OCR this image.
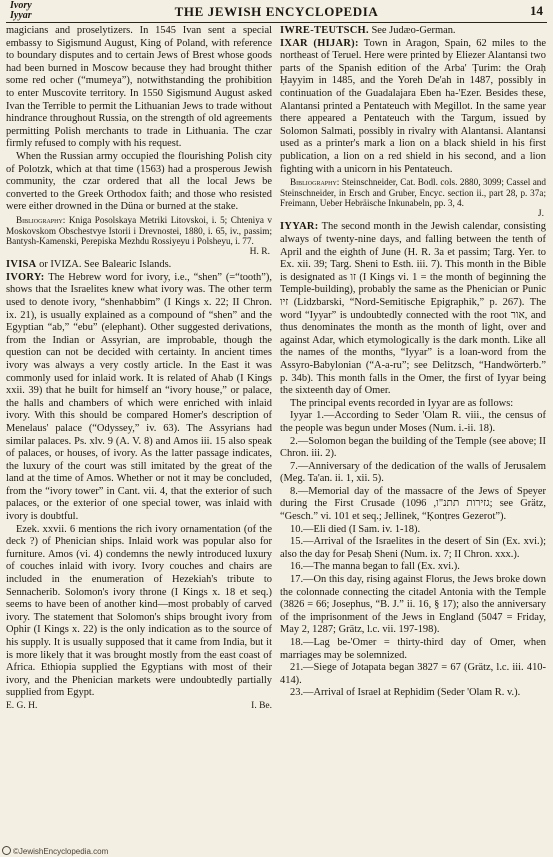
Ivory
Iyyar	THE JEWISH ENCYCLOPEDIA	14

magicians and proselytizers. In 1545 Ivan sent a special embassy to Sigismund August, King of Poland, with reference to boundary disputes and to certain Jews of Brest whose goods had been burned in Moscow because they had brought thither some red ocher (“mumeya”), notwithstanding the prohibition to enter Muscovite territory. In 1550 Sigismund August asked Ivan the Terrible to permit the Lithuanian Jews to trade without hindrance throughout Russia, on the strength of old agreements permitting Polish merchants to trade in Lithuania. The czar firmly refused to comply with his request.

When the Russian army occupied the flourishing Polish city of Polotzk, which at that time (1563) had a prosperous Jewish community, the czar ordered that all the local Jews be converted to the Greek Orthodox faith; and those who resisted were either drowned in the Düna or burned at the stake.

Bibliography: Kniga Posolskaya Metriki Litovskoi, i. 5; Chteniya v Moskovskom Obschestvye Istorii i Drevnostei, 1880, i. 65, iv., passim; Bantysh-Kamenski, Perepiska Mezhdu Rossiyeyu i Polsheyu, i. 77.

H. R.

IVISA or IVIZA. See Balearic Islands.

IVORY: The Hebrew word for ivory, i.e., “shen” (=“tooth”), shows that the Israelites knew what ivory was. The other term used to denote ivory, “shenhabbim” (I Kings x. 22; II Chron. ix. 21), is usually explained as a compound of “shen” and the Egyptian “ab,” “ebu” (elephant). Other suggested derivations, from the Indian or Assyrian, are improbable, though the question can not be decided with certainty. In ancient times ivory was always a very costly article. In the East it was commonly used for inlaid work. It is related of Ahab (I Kings xxii. 39) that he built for himself an “ivory house,” or palace, the halls and chambers of which were enriched with inlaid ivory. With this should be compared Homer's description of Menelaus' palace (“Odyssey,” iv. 63). The Assyrians had similar palaces. Ps. xlv. 9 (A. V. 8) and Amos iii. 15 also speak of palaces, or houses, of ivory. As the latter passage indicates, the luxury of the court was still imitated by the great of the land at the time of Amos. Whether or not it may be concluded, from the “ivory tower” in Cant. vii. 4, that the exterior of such palaces, or the exterior of one special tower, was inlaid with ivory is doubtful.

Ezek. xxvii. 6 mentions the rich ivory ornamentation (of the deck ?) of Phenician ships. Inlaid work was popular also for furniture. Amos (vi. 4) condemns the newly introduced luxury of couches inlaid with ivory. Ivory couches and chairs are included in the enumeration of Hezekiah's tribute to Sennacherib. Solomon's ivory throne (I Kings x. 18 et seq.) seems to have been of another kind—most probably of carved ivory. The statement that Solomon's ships brought ivory from Ophir (I Kings x. 22) is the only indication as to the source of his supply. It is usually supposed that it came from India, but it is more likely that it was brought mostly from the east coast of Africa. Ethiopia supplied the Egyptians with most of their ivory, and the Phenician markets were undoubtedly partially supplied from Egypt.

E. G. H.	I. Be.

IWRE-TEUTSCH. See Judæo-German.

IXAR (HIJAR): Town in Aragon, Spain, 62 miles to the northeast of Teruel. Here were printed by Eliezer Alantansi two parts of the Spanish edition of the Arba' Ṭurim: the Oraḥ Ḥayyim in 1485, and the Yoreh De'ah in 1487, possibly in continuation of the Guadalajara Eben ha-'Ezer. Besides these, Alantansi printed a Pentateuch with Megillot. In the same year there appeared a Pentateuch with the Targum, issued by Solomon Salmati, possibly in rivalry with Alantansi. Alantansi used as a printer's mark a lion on a black shield in his first publication, a lion on a red shield in his second, and a lion fighting with a unicorn in his Pentateuch.

Bibliography: Steinschneider, Cat. Bodl. cols. 2880, 3099; Cassel and Steinschneider, in Ersch and Gruber, Encyc. section ii., part 28, p. 37a; Freimann, Ueber Hebräische Inkunabeln, pp. 3, 4.

J.

IYYAR: The second month in the Jewish calendar, consisting always of twenty-nine days, and falling between the tenth of April and the eighth of June (H. R. 3a et passim; Targ. Yer. to Ex. xii. 39; Targ. Sheni to Esth. iii. 7). This month in the Bible is designated as זו (I Kings vi. 1 = the month of beginning the Temple-building), probably the same as the Phenician or Punic זיו (Lidzbarski, “Nord-Semitische Epigraphik,” p. 267). The word “Iyyar” is undoubtedly connected with the root אור, and thus denominates the month as the month of light, over and against Adar, which etymologically is the dark month. Like all the names of the months, “Iyyar” is a loan-word from the Assyro-Babylonian (“A-a-ru”; see Delitzsch, “Handwörterb.” p. 34b). This month falls in the Omer, the first of Iyyar being the sixteenth day of Omer.

The principal events recorded in Iyyar are as follows:

Iyyar 1.—According to Seder 'Olam R. viii., the census of the people was begun under Moses (Num. i.-ii. 18).

2.—Solomon began the building of the Temple (see above; II Chron. iii. 2).

7.—Anniversary of the dedication of the walls of Jerusalem (Meg. Ta'an. ii. 1, xii. 5).

8.—Memorial day of the massacre of the Jews of Speyer during the First Crusade (גזירות תתנ"ו, 1096; see Grätz, “Gesch.” vi. 101 et seq.; Jellinek, “Ḳonṭres Gezerot”).

10.—Eli died (I Sam. iv. 1-18).

15.—Arrival of the Israelites in the desert of Sin (Ex. xvi.); also the day for Pesaḥ Sheni (Num. ix. 7; II Chron. xxx.).

16.—The manna began to fall (Ex. xvi.).

17.—On this day, rising against Florus, the Jews broke down the colonnade connecting the citadel Antonia with the Temple (3826 = 66; Josephus, “B. J.” ii. 16, § 17); also the anniversary of the imprisonment of the Jews in England (5047 = Friday, May 2, 1287; Grätz, l.c. vii. 197-198).

18.—Lag be-'Omer = thirty-third day of Omer, when marriages may be solemnized.

21.—Siege of Jotapata began 3827 = 67 (Grätz, l.c. iii. 410-414).

23.—Arrival of Israel at Rephidim (Seder 'Olam R. v.).

©JewishEncyclopedia.com
